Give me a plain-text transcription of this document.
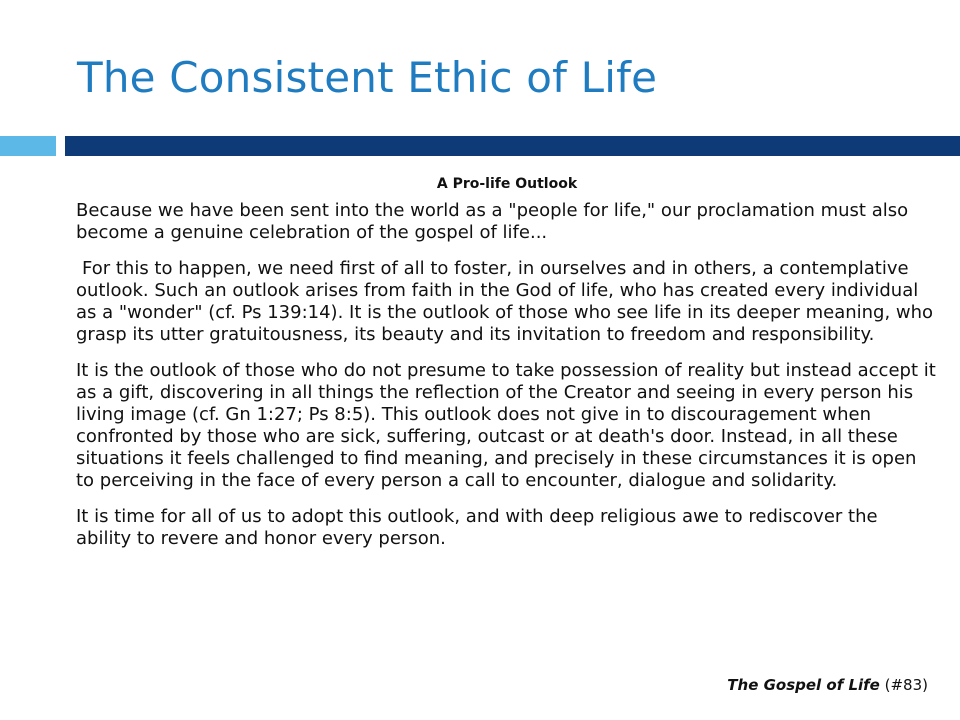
The Consistent Ethic of Life
A Pro-life Outlook

Because we have been sent into the world as a "people for life," our proclamation must also become a genuine celebration of the gospel of life...

For this to happen, we need first of all to foster, in ourselves and in others, a contemplative outlook. Such an outlook arises from faith in the God of life, who has created every individual as a "wonder" (cf. Ps 139:14). It is the outlook of those who see life in its deeper meaning, who grasp its utter gratuitousness, its beauty and its invitation to freedom and responsibility.

It is the outlook of those who do not presume to take possession of reality but instead accept it as a gift, discovering in all things the reflection of the Creator and seeing in every person his living image (cf. Gn 1:27; Ps 8:5). This outlook does not give in to discouragement when confronted by those who are sick, suffering, outcast or at death's door. Instead, in all these situations it feels challenged to find meaning, and precisely in these circumstances it is open to perceiving in the face of every person a call to encounter, dialogue and solidarity.

It is time for all of us to adopt this outlook, and with deep religious awe to rediscover the ability to revere and honor every person.

The Gospel of Life (#83)
